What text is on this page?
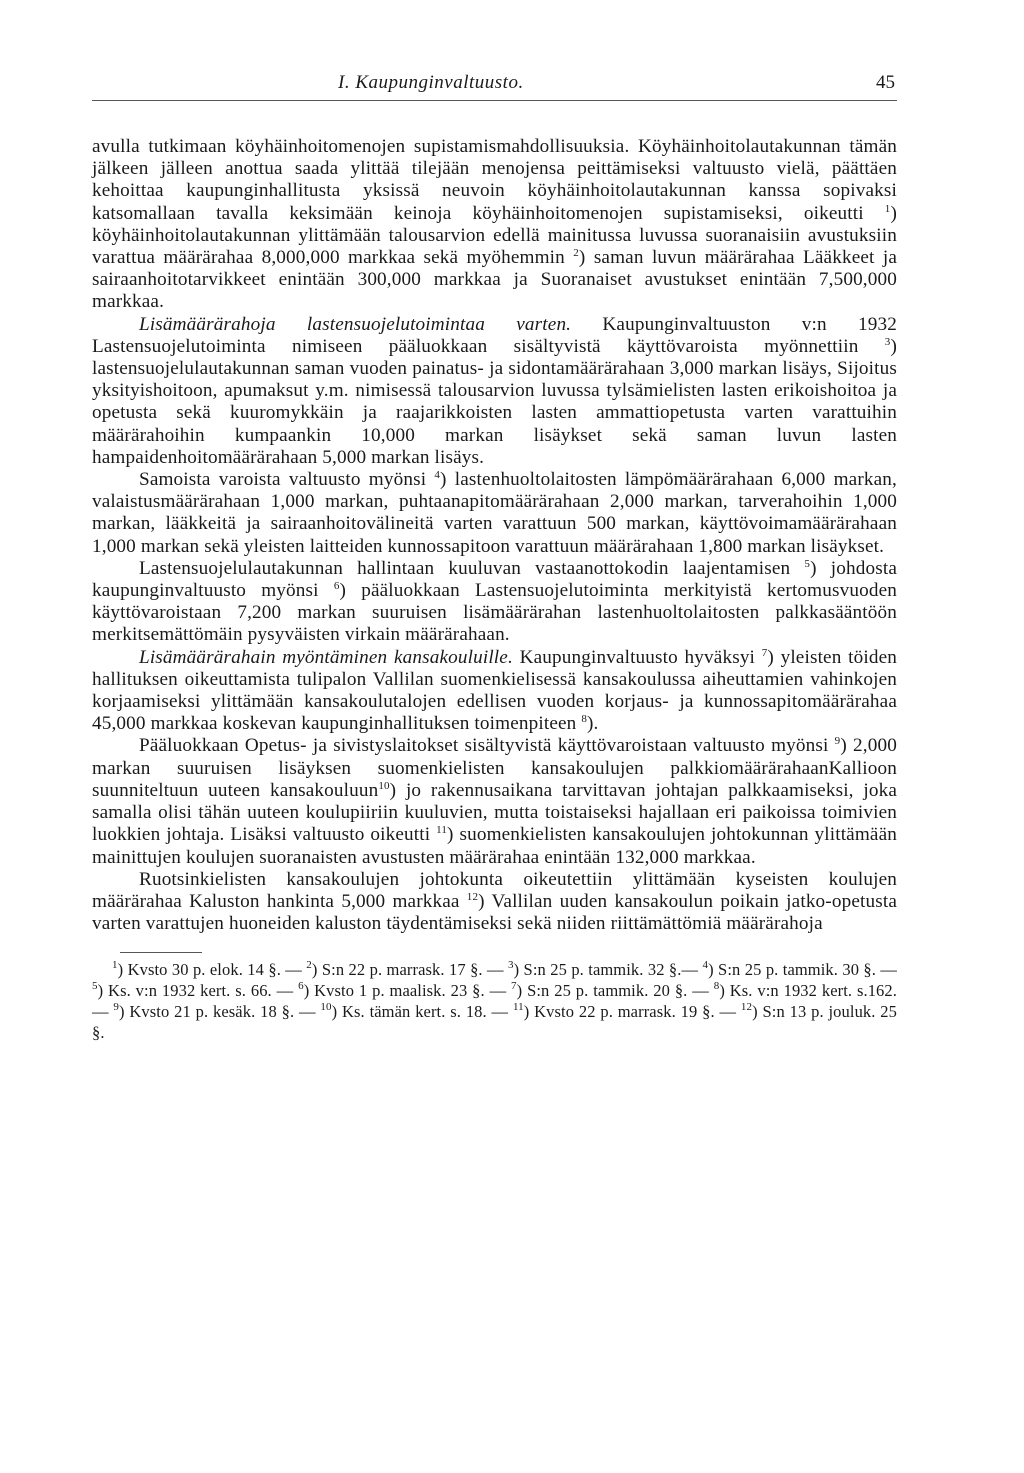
I. Kaupunginvaltuusto.	45

avulla tutkimaan köyhäinhoitomenojen supistamismahdollisuuksia. Köyhäinhoitolautakunnan tämän jälkeen jälleen anottua saada ylittää tilejään menojensa peittämiseksi valtuusto vielä, päättäen kehoittaa kaupunginhallitusta yksissä neuvoin köyhäinhoitolautakunnan kanssa sopivaksi katsomallaan tavalla keksimään keinoja köyhäinhoitomenojen supistamiseksi, oikeutti $^1$) köyhäinhoitolautakunnan ylittämään talousarvion edellä mainitussa luvussa suoranaisiin avustuksiin varattua määrärahaa 8,000,000 markkaa sekä myöhemmin $^2$) saman luvun määrärahaa Lääkkeet ja sairaanhoitotarvikkeet enintään 300,000 markkaa ja Suoranaiset avustukset enintään 7,500,000 markkaa.

Lisämäärärahoja lastensuojelutoimintaa varten. Kaupunginvaltuuston v:n 1932 Lastensuojelutoiminta nimiseen pääluokkaan sisältyvistä käyttövaroista myönnettiin $^3$) lastensuojelulautakunnan saman vuoden painatus- ja sidontamäärärahaan 3,000 markan lisäys, Sijoitus yksityishoitoon, apumaksut y.m. nimisessä talousarvion luvussa tylsämielisten lasten erikoishoitoa ja opetusta sekä kuuromykkäin ja raajarikkoisten lasten ammattiopetusta varten varattuihin määrärahoihin kumpaankin 10,000 markan lisäykset sekä saman luvun lasten hampaidenhoitomäärärahaan 5,000 markan lisäys.

Samoista varoista valtuusto myönsi $^4$) lastenhuoltolaitosten lämpömäärärahaan 6,000 markan, valaistusmäärärahaan 1,000 markan, puhtaanapitomäärärahaan 2,000 markan, tarverahoihin 1,000 markan, lääkkeitä ja sairaanhoitovälineitä varten varattuun 500 markan, käyttövoimamäärärahaan 1,000 markan sekä yleisten laitteiden kunnossapitoon varattuun määrärahaan 1,800 markan lisäykset.

Lastensuojelulautakunnan hallintaan kuuluvan vastaanottokodin laajentamisen $^5$) johdosta kaupunginvaltuusto myönsi $^6$) pääluokkaan Lastensuojelutoiminta merkityistä kertomusvuoden käyttövaroistaan 7,200 markan suuruisen lisämäärärahan lastenhuoltolaitosten palkkasääntöön merkitsemättömäin pysyväisten virkain määrärahaan.

Lisämäärärahain myöntäminen kansakouluille. Kaupunginvaltuusto hyväksyi $^7$) yleisten töiden hallituksen oikeuttamista tulipalon Vallilan suomenkielisessä kansakoulussa aiheuttamien vahinkojen korjaamiseksi ylittämään kansakoulutalojen edellisen vuoden korjaus- ja kunnossapitomäärärahaa 45,000 markkaa koskevan kaupunginhallituksen toimenpiteen $^8$).

Pääluokkaan Opetus- ja sivistyslaitokset sisältyvistä käyttövaroistaan valtuusto myönsi $^9$) 2,000 markan suuruisen lisäyksen suomenkielisten kansakoulujen palkkiomäärärahaanKallioon suunniteltuun uuteen kansakouluun$^{10}$) jo rakennusaikana tarvittavan johtajan palkkaamiseksi, joka samalla olisi tähän uuteen koulupiiriin kuuluvien, mutta toistaiseksi hajallaan eri paikoissa toimivien luokkien johtaja. Lisäksi valtuusto oikeutti $^{11}$) suomenkielisten kansakoulujen johtokunnan ylittämään mainittujen koulujen suoranaisten avustusten määrärahaa enintään 132,000 markkaa.

Ruotsinkielisten kansakoulujen johtokunta oikeutettiin ylittämään kyseisten koulujen määrärahaa Kaluston hankinta 5,000 markkaa $^{12}$) Vallilan uuden kansakoulun poikain jatko-opetusta varten varattujen huoneiden kaluston täydentämiseksi sekä niiden riittämättömiä määrärahoja

$^1$) Kvsto 30 p. elok. 14 §. — $^2$) S:n 22 p. marrask. 17 §. — $^3$) S:n 25 p. tammik. 32 §.— $^4$) S:n 25 p. tammik. 30 §. — $^5$) Ks. v:n 1932 kert. s. 66. — $^6$) Kvsto 1 p. maalisk. 23 §. — $^7$) S:n 25 p. tammik. 20 §. — $^8$) Ks. v:n 1932 kert. s.162. — $^9$) Kvsto 21 p. kesäk. 18 §. — $^{10}$) Ks. tämän kert. s. 18. — $^{11}$) Kvsto 22 p. marrask. 19 §. — $^{12}$) S:n 13 p. jouluk. 25 §.
